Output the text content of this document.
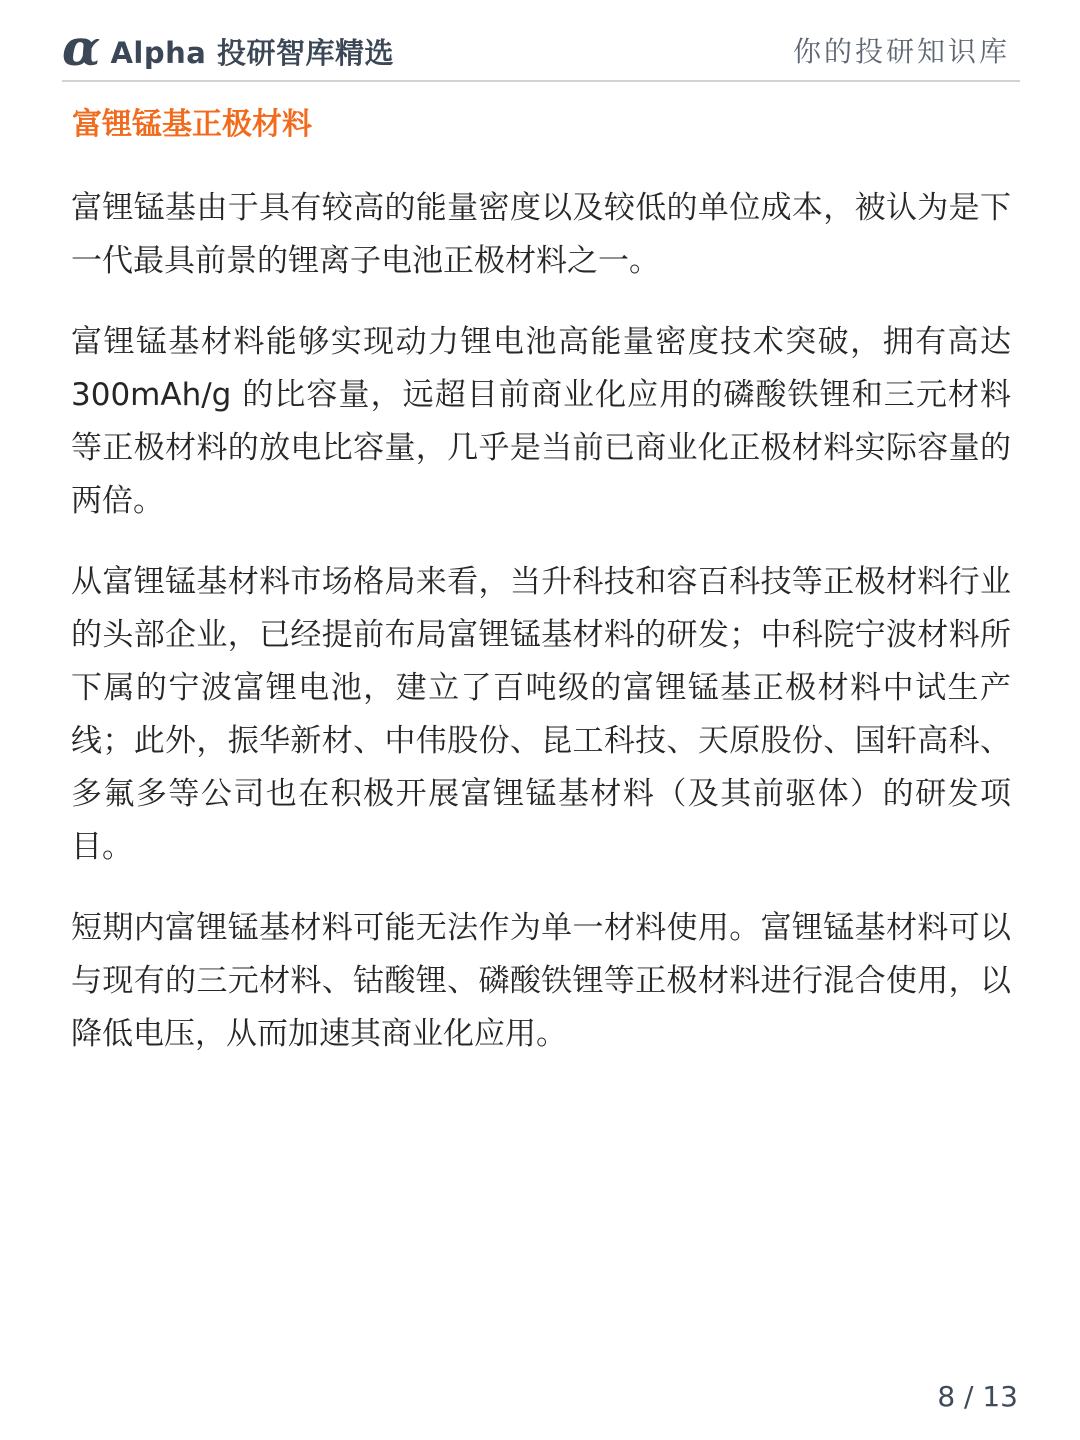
α Alpha 投研智库精选	你的投研知识库
富锂锰基正极材料

富锂锰基由于具有较高的能量密度以及较低的单位成本，被认为是下一代最具前景的锂离子电池正极材料之一。

富锂锰基材料能够实现动力锂电池高能量密度技术突破，拥有高达300mAh/g 的比容量，远超目前商业化应用的磷酸铁锂和三元材料等正极材料的放电比容量，几乎是当前已商业化正极材料实际容量的两倍。

从富锂锰基材料市场格局来看，当升科技和容百科技等正极材料行业的头部企业，已经提前布局富锂锰基材料的研发；中科院宁波材料所下属的宁波富锂电池，建立了百吨级的富锂锰基正极材料中试生产线；此外，振华新材、中伟股份、昆工科技、天原股份、国轩高科、多氟多等公司也在积极开展富锂锰基材料（及其前驱体）的研发项目。

短期内富锂锰基材料可能无法作为单一材料使用。富锂锰基材料可以与现有的三元材料、钴酸锂、磷酸铁锂等正极材料进行混合使用，以降低电压，从而加速其商业化应用。

8 / 13
